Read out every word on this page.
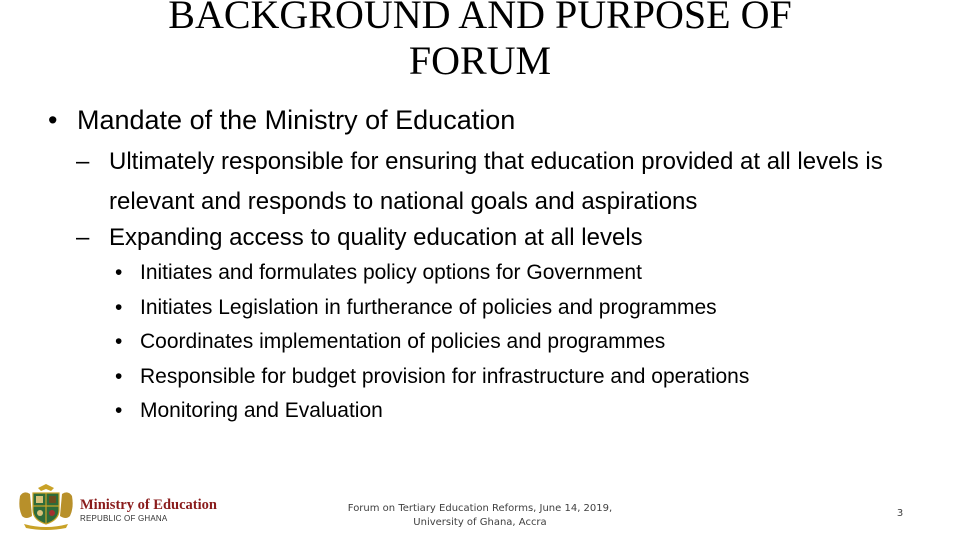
BACKGROUND AND PURPOSE OF
FORUM
• Mandate of the Ministry of Education
– Ultimately responsible for ensuring that education provided at all levels is relevant and responds to national goals and aspirations
– Expanding access to quality education at all levels
• Initiates and formulates policy options for Government
• Initiates Legislation in furtherance of policies and programmes
• Coordinates implementation of policies and programmes
• Responsible for budget provision for infrastructure and operations
• Monitoring and Evaluation
Ministry of Education
REPUBLIC OF GHANA
Forum on Tertiary Education Reforms, June 14, 2019,
University of Ghana, Accra
3
